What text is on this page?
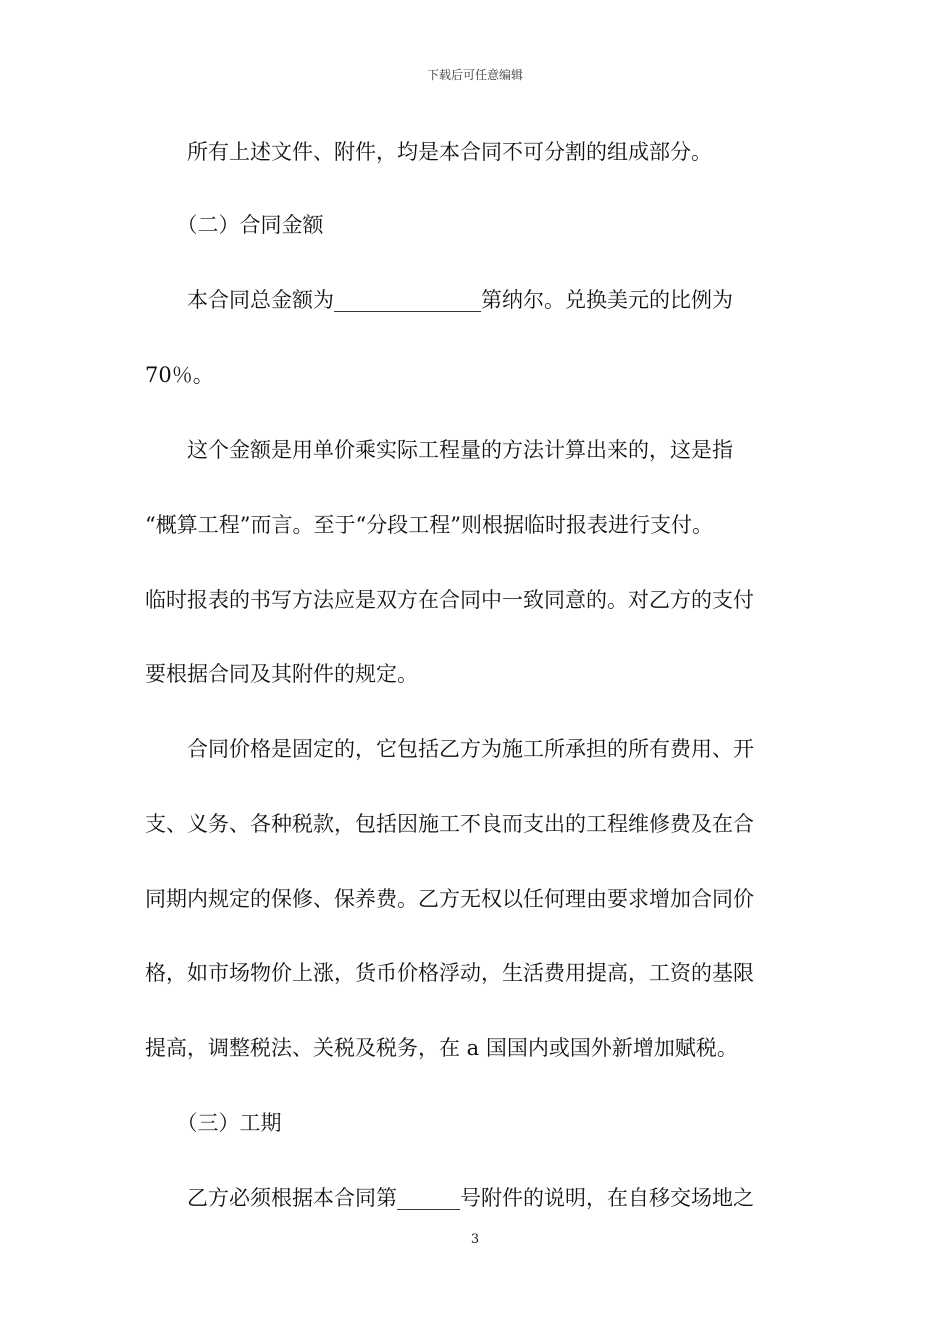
下载后可任意编辑
　　所有上述文件、附件，均是本合同不可分割的组成部分。
　　（二）合同金额
　　本合同总金额为______________第纳尔。兑换美元的比例为
70％。
　　这个金额是用单价乘实际工程量的方法计算出来的，这是指
“概算工程”而言。至于“分段工程”则根据临时报表进行支付。
临时报表的书写方法应是双方在合同中一致同意的。对乙方的支付
要根据合同及其附件的规定。
　　合同价格是固定的，它包括乙方为施工所承担的所有费用、开
支、义务、各种税款，包括因施工不良而支出的工程维修费及在合
同期内规定的保修、保养费。乙方无权以任何理由要求增加合同价
格，如市场物价上涨，货币价格浮动，生活费用提高，工资的基限
提高，调整税法、关税及税务，在 a 国国内或国外新增加赋税。
　　（三）工期
　　乙方必须根据本合同第______号附件的说明，在自移交场地之
3
